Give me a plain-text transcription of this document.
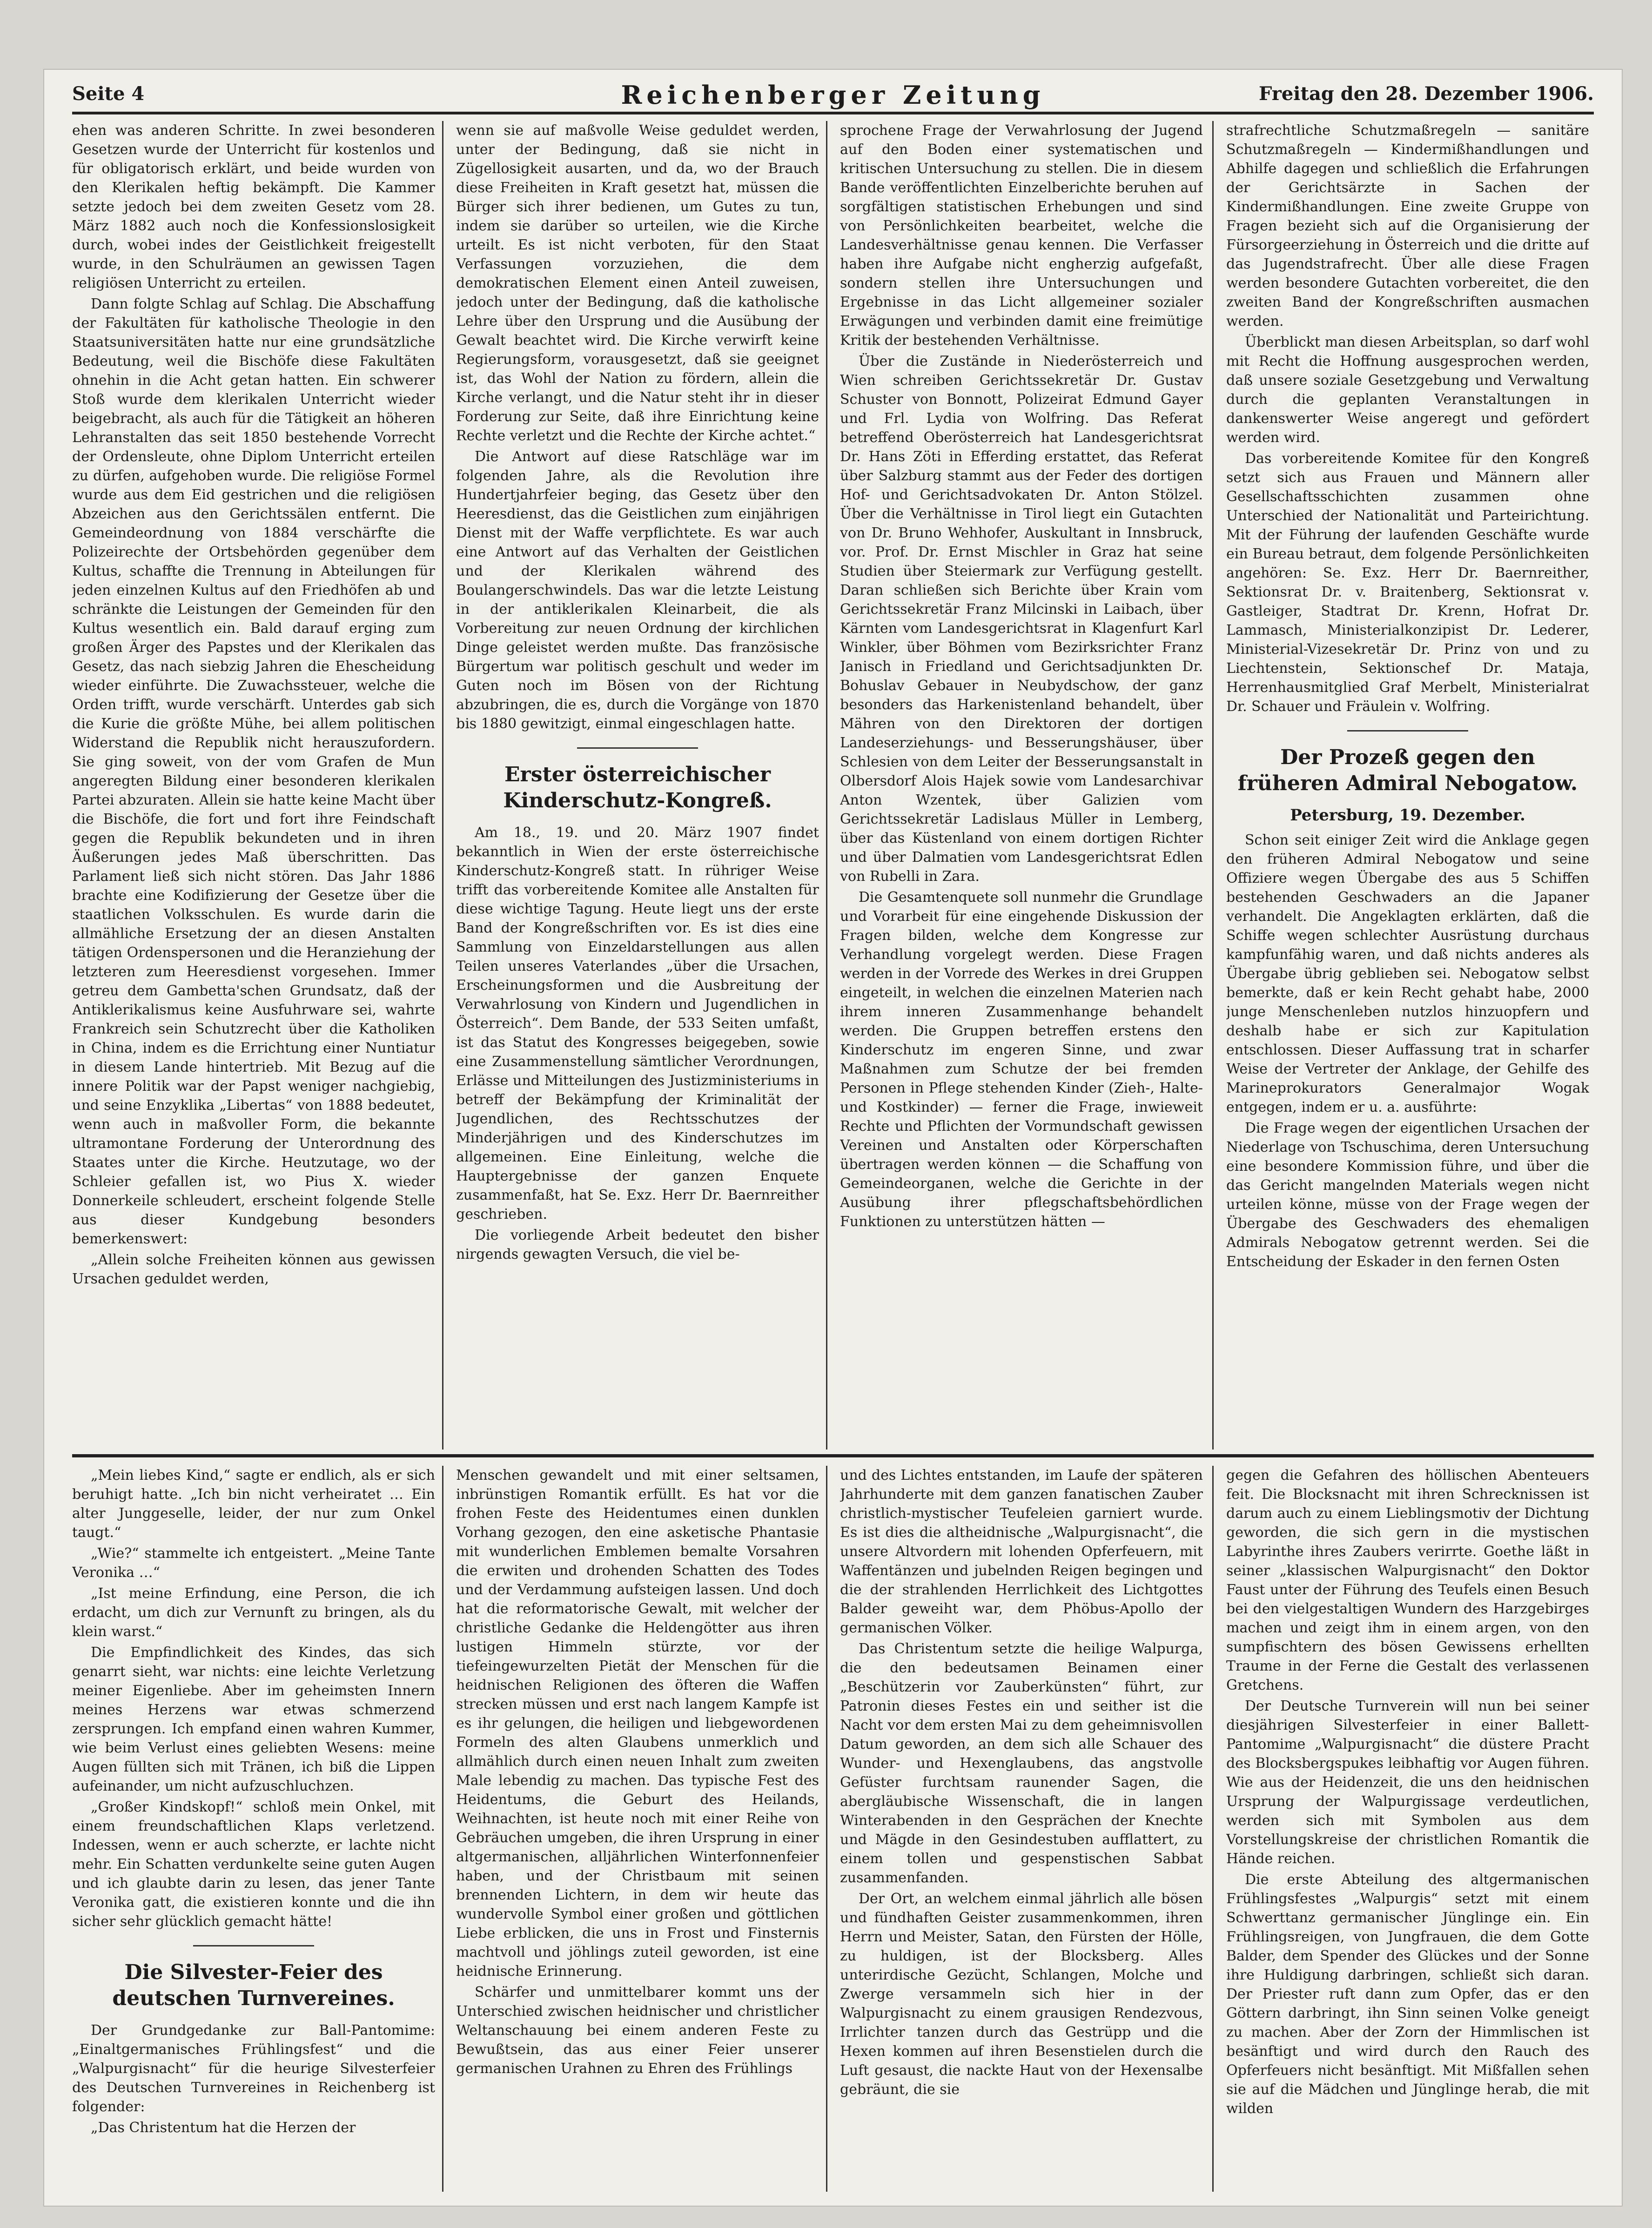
Seite 4	Reichenberger Zeitung	Freitag den 28. Dezember 1906.

ehen was anderen Schritte. In zwei besonderen Gesetzen wurde der Unterricht für kostenlos und für obligatorisch erklärt, und beide wurden von den Klerikalen heftig bekämpft. Die Kammer setzte jedoch bei dem zweiten Gesetz vom 28. März 1882 auch noch die Konfessionslosigkeit durch, wobei indes der Geistlichkeit freigestellt wurde, in den Schulräumen an gewissen Tagen religiösen Unterricht zu erteilen.

Dann folgte Schlag auf Schlag. Die Abschaffung der Fakultäten für katholische Theologie in den Staatsuniversitäten hatte nur eine grundsätzliche Bedeutung, weil die Bischöfe diese Fakultäten ohnehin in die Acht getan hatten. Ein schwerer Stoß wurde dem klerikalen Unterricht wieder beigebracht, als auch für die Tätigkeit an höheren Lehranstalten das seit 1850 bestehende Vorrecht der Ordensleute, ohne Diplom Unterricht erteilen zu dürfen, aufgehoben wurde. Die religiöse Formel wurde aus dem Eid gestrichen und die religiösen Abzeichen aus den Gerichtssälen entfernt. Die Gemeindeordnung von 1884 verschärfte die Polizeirechte der Ortsbehörden gegenüber dem Kultus, schaffte die Trennung in Abteilungen für jeden einzelnen Kultus auf den Friedhöfen ab und schränkte die Leistungen der Gemeinden für den Kultus wesentlich ein. Bald darauf erging zum großen Ärger des Papstes und der Klerikalen das Gesetz, das nach siebzig Jahren die Ehescheidung wieder einführte. Die Zuwachssteuer, welche die Orden trifft, wurde verschärft. Unterdes gab sich die Kurie die größte Mühe, bei allem politischen Widerstand die Republik nicht herauszufordern. Sie ging soweit, von der vom Grafen de Mun angeregten Bildung einer besonderen klerikalen Partei abzuraten. Allein sie hatte keine Macht über die Bischöfe, die fort und fort ihre Feindschaft gegen die Republik bekundeten und in ihren Äußerungen jedes Maß überschritten. Das Parlament ließ sich nicht stören. Das Jahr 1886 brachte eine Kodifizierung der Gesetze über die staatlichen Volksschulen. Es wurde darin die allmähliche Ersetzung der an diesen Anstalten tätigen Ordenspersonen und die Heranziehung der letzteren zum Heeresdienst vorgesehen. Immer getreu dem Gambetta'schen Grundsatz, daß der Antiklerikalismus keine Ausfuhrware sei, wahrte Frankreich sein Schutzrecht über die Katholiken in China, indem es die Errichtung einer Nuntiatur in diesem Lande hintertrieb. Mit Bezug auf die innere Politik war der Papst weniger nachgiebig, und seine Enzyklika „Libertas“ von 1888 bedeutet, wenn auch in maßvoller Form, die bekannte ultramontane Forderung der Unterordnung des Staates unter die Kirche. Heutzutage, wo der Schleier gefallen ist, wo Pius X. wieder Donnerkeile schleudert, erscheint folgende Stelle aus dieser Kundgebung besonders bemerkenswert:

„Allein solche Freiheiten können aus gewissen Ursachen geduldet werden,

wenn sie auf maßvolle Weise geduldet werden, unter der Bedingung, daß sie nicht in Zügellosigkeit ausarten, und da, wo der Brauch diese Freiheiten in Kraft gesetzt hat, müssen die Bürger sich ihrer bedienen, um Gutes zu tun, indem sie darüber so urteilen, wie die Kirche urteilt. Es ist nicht verboten, für den Staat Verfassungen vorzuziehen, die dem demokratischen Element einen Anteil zuweisen, jedoch unter der Bedingung, daß die katholische Lehre über den Ursprung und die Ausübung der Gewalt beachtet wird. Die Kirche verwirft keine Regierungsform, vorausgesetzt, daß sie geeignet ist, das Wohl der Nation zu fördern, allein die Kirche verlangt, und die Natur steht ihr in dieser Forderung zur Seite, daß ihre Einrichtung keine Rechte verletzt und die Rechte der Kirche achtet.“

Die Antwort auf diese Ratschläge war im folgenden Jahre, als die Revolution ihre Hundertjahrfeier beging, das Gesetz über den Heeresdienst, das die Geistlichen zum einjährigen Dienst mit der Waffe verpflichtete. Es war auch eine Antwort auf das Verhalten der Geistlichen und der Klerikalen während des Boulangerschwindels. Das war die letzte Leistung in der antiklerikalen Kleinarbeit, die als Vorbereitung zur neuen Ordnung der kirchlichen Dinge geleistet werden mußte. Das französische Bürgertum war politisch geschult und weder im Guten noch im Bösen von der Richtung abzubringen, die es, durch die Vorgänge von 1870 bis 1880 gewitzigt, einmal eingeschlagen hatte.

Erster österreichischer Kinderschutz-Kongreß.

Am 18., 19. und 20. März 1907 findet bekanntlich in Wien der erste österreichische Kinderschutz-Kongreß statt. In rühriger Weise trifft das vorbereitende Komitee alle Anstalten für diese wichtige Tagung. Heute liegt uns der erste Band der Kongreßschriften vor. Es ist dies eine Sammlung von Einzeldarstellungen aus allen Teilen unseres Vaterlandes „über die Ursachen, Erscheinungsformen und die Ausbreitung der Verwahrlosung von Kindern und Jugendlichen in Österreich“. Dem Bande, der 533 Seiten umfaßt, ist das Statut des Kongresses beigegeben, sowie eine Zusammenstellung sämtlicher Verordnungen, Erlässe und Mitteilungen des Justizministeriums in betreff der Bekämpfung der Kriminalität der Jugendlichen, des Rechtsschutzes der Minderjährigen und des Kinderschutzes im allgemeinen. Eine Einleitung, welche die Hauptergebnisse der ganzen Enquete zusammenfaßt, hat Se. Exz. Herr Dr. Baernreither geschrieben.

Die vorliegende Arbeit bedeutet den bisher nirgends gewagten Versuch, die viel be-

sprochene Frage der Verwahrlosung der Jugend auf den Boden einer systematischen und kritischen Untersuchung zu stellen. Die in diesem Bande veröffentlichten Einzelberichte beruhen auf sorgfältigen statistischen Erhebungen und sind von Persönlichkeiten bearbeitet, welche die Landesverhältnisse genau kennen. Die Verfasser haben ihre Aufgabe nicht engherzig aufgefaßt, sondern stellen ihre Untersuchungen und Ergebnisse in das Licht allgemeiner sozialer Erwägungen und verbinden damit eine freimütige Kritik der bestehenden Verhältnisse.

Über die Zustände in Niederösterreich und Wien schreiben Gerichtssekretär Dr. Gustav Schuster von Bonnott, Polizeirat Edmund Gayer und Frl. Lydia von Wolfring. Das Referat betreffend Oberösterreich hat Landesgerichtsrat Dr. Hans Zöti in Efferding erstattet, das Referat über Salzburg stammt aus der Feder des dortigen Hof- und Gerichtsadvokaten Dr. Anton Stölzel. Über die Verhältnisse in Tirol liegt ein Gutachten von Dr. Bruno Wehhofer, Auskultant in Innsbruck, vor. Prof. Dr. Ernst Mischler in Graz hat seine Studien über Steiermark zur Verfügung gestellt. Daran schließen sich Berichte über Krain vom Gerichtssekretär Franz Milcinski in Laibach, über Kärnten vom Landesgerichtsrat in Klagenfurt Karl Winkler, über Böhmen vom Bezirksrichter Franz Janisch in Friedland und Gerichtsadjunkten Dr. Bohuslav Gebauer in Neubydschow, der ganz besonders das Harkenistenland behandelt, über Mähren von den Direktoren der dortigen Landeserziehungs- und Besserungshäuser, über Schlesien von dem Leiter der Besserungsanstalt in Olbersdorf Alois Hajek sowie vom Landesarchivar Anton Wzentek, über Galizien vom Gerichtssekretär Ladislaus Müller in Lemberg, über das Küstenland von einem dortigen Richter und über Dalmatien vom Landesgerichtsrat Edlen von Rubelli in Zara.

Die Gesamtenquete soll nunmehr die Grundlage und Vorarbeit für eine eingehende Diskussion der Fragen bilden, welche dem Kongresse zur Verhandlung vorgelegt werden. Diese Fragen werden in der Vorrede des Werkes in drei Gruppen eingeteilt, in welchen die einzelnen Materien nach ihrem inneren Zusammenhange behandelt werden. Die Gruppen betreffen erstens den Kinderschutz im engeren Sinne, und zwar Maßnahmen zum Schutze der bei fremden Personen in Pflege stehenden Kinder (Zieh-, Halte- und Kostkinder) — ferner die Frage, inwieweit Rechte und Pflichten der Vormundschaft gewissen Vereinen und Anstalten oder Körperschaften übertragen werden können — die Schaffung von Gemeindeorganen, welche die Gerichte in der Ausübung ihrer pflegschaftsbehördlichen Funktionen zu unterstützen hätten —

strafrechtliche Schutzmaßregeln — sanitäre Schutzmaßregeln — Kindermißhandlungen und Abhilfe dagegen und schließlich die Erfahrungen der Gerichtsärzte in Sachen der Kindermißhandlungen. Eine zweite Gruppe von Fragen bezieht sich auf die Organisierung der Fürsorgeerziehung in Österreich und die dritte auf das Jugendstrafrecht. Über alle diese Fragen werden besondere Gutachten vorbereitet, die den zweiten Band der Kongreßschriften ausmachen werden.

Überblickt man diesen Arbeitsplan, so darf wohl mit Recht die Hoffnung ausgesprochen werden, daß unsere soziale Gesetzgebung und Verwaltung durch die geplanten Veranstaltungen in dankenswerter Weise angeregt und gefördert werden wird.

Das vorbereitende Komitee für den Kongreß setzt sich aus Frauen und Männern aller Gesellschaftsschichten zusammen ohne Unterschied der Nationalität und Parteirichtung. Mit der Führung der laufenden Geschäfte wurde ein Bureau betraut, dem folgende Persönlichkeiten angehören: Se. Exz. Herr Dr. Baernreither, Sektionsrat Dr. v. Braitenberg, Sektionsrat v. Gastleiger, Stadtrat Dr. Krenn, Hofrat Dr. Lammasch, Ministerialkonzipist Dr. Lederer, Ministerial-Vizesekretär Dr. Prinz von und zu Liechtenstein, Sektionschef Dr. Mataja, Herrenhausmitglied Graf Merbelt, Ministerialrat Dr. Schauer und Fräulein v. Wolfring.

Der Prozeß gegen den früheren Admiral Nebogatow.
Petersburg, 19. Dezember.

Schon seit einiger Zeit wird die Anklage gegen den früheren Admiral Nebogatow und seine Offiziere wegen Übergabe des aus 5 Schiffen bestehenden Geschwaders an die Japaner verhandelt. Die Angeklagten erklärten, daß die Schiffe wegen schlechter Ausrüstung durchaus kampfunfähig waren, und daß nichts anderes als Übergabe übrig geblieben sei. Nebogatow selbst bemerkte, daß er kein Recht gehabt habe, 2000 junge Menschenleben nutzlos hinzuopfern und deshalb habe er sich zur Kapitulation entschlossen. Dieser Auffassung trat in scharfer Weise der Vertreter der Anklage, der Gehilfe des Marineprokurators Generalmajor Wogak entgegen, indem er u. a. ausführte:

Die Frage wegen der eigentlichen Ursachen der Niederlage von Tschuschima, deren Untersuchung eine besondere Kommission führe, und über die das Gericht mangelnden Materials wegen nicht urteilen könne, müsse von der Frage wegen der Übergabe des Geschwaders des ehemaligen Admirals Nebogatow getrennt werden. Sei die Entscheidung der Eskader in den fernen Osten

„Mein liebes Kind,“ sagte er endlich, als er sich beruhigt hatte. „Ich bin nicht verheiratet … Ein alter Junggeselle, leider, der nur zum Onkel taugt.“

„Wie?“ stammelte ich entgeistert. „Meine Tante Veronika …“

„Ist meine Erfindung, eine Person, die ich erdacht, um dich zur Vernunft zu bringen, als du klein warst.“

Die Empfindlichkeit des Kindes, das sich genarrt sieht, war nichts: eine leichte Verletzung meiner Eigenliebe. Aber im geheimsten Innern meines Herzens war etwas schmerzend zersprungen. Ich empfand einen wahren Kummer, wie beim Verlust eines geliebten Wesens: meine Augen füllten sich mit Tränen, ich biß die Lippen aufeinander, um nicht aufzuschluchzen.

„Großer Kindskopf!“ schloß mein Onkel, mit einem freundschaftlichen Klaps verletzend. Indessen, wenn er auch scherzte, er lachte nicht mehr. Ein Schatten verdunkelte seine guten Augen und ich glaubte darin zu lesen, das jener Tante Veronika gatt, die existieren konnte und die ihn sicher sehr glücklich gemacht hätte!

Die Silvester-Feier des deutschen Turnvereines.

Der Grundgedanke zur Ball-Pantomime: „Einaltgermanisches Frühlingsfest“ und die „Walpurgisnacht“ für die heurige Silvesterfeier des Deutschen Turnvereines in Reichenberg ist folgender:

„Das Christentum hat die Herzen der

Menschen gewandelt und mit einer seltsamen, inbrünstigen Romantik erfüllt. Es hat vor die frohen Feste des Heidentumes einen dunklen Vorhang gezogen, den eine asketische Phantasie mit wunderlichen Emblemen bemalte Vorsahren die erwiten und drohenden Schatten des Todes und der Verdammung aufsteigen lassen. Und doch hat die reformatorische Gewalt, mit welcher der christliche Gedanke die Heldengötter aus ihren lustigen Himmeln stürzte, vor der tiefeingewurzelten Pietät der Menschen für die heidnischen Religionen des öfteren die Waffen strecken müssen und erst nach langem Kampfe ist es ihr gelungen, die heiligen und liebgewordenen Formeln des alten Glaubens unmerklich und allmählich durch einen neuen Inhalt zum zweiten Male lebendig zu machen. Das typische Fest des Heidentums, die Geburt des Heilands, Weihnachten, ist heute noch mit einer Reihe von Gebräuchen umgeben, die ihren Ursprung in einer altgermanischen, alljährlichen Winterfonnenfeier haben, und der Christbaum mit seinen brennenden Lichtern, in dem wir heute das wundervolle Symbol einer großen und göttlichen Liebe erblicken, die uns in Frost und Finsternis machtvoll und jöhlings zuteil geworden, ist eine heidnische Erinnerung.

Schärfer und unmittelbarer kommt uns der Unterschied zwischen heidnischer und christlicher Weltanschauung bei einem anderen Feste zu Bewußtsein, das aus einer Feier unserer germanischen Urahnen zu Ehren des Frühlings

und des Lichtes entstanden, im Laufe der späteren Jahrhunderte mit dem ganzen fanatischen Zauber christlich-mystischer Teufeleien garniert wurde. Es ist dies die altheidnische „Walpurgisnacht“, die unsere Altvordern mit lohenden Opferfeuern, mit Waffentänzen und jubelnden Reigen begingen und die der strahlenden Herrlichkeit des Lichtgottes Balder geweiht war, dem Phöbus-Apollo der germanischen Völker.

Das Christentum setzte die heilige Walpurga, die den bedeutsamen Beinamen einer „Beschützerin vor Zauberkünsten“ führt, zur Patronin dieses Festes ein und seither ist die Nacht vor dem ersten Mai zu dem geheimnisvollen Datum geworden, an dem sich alle Schauer des Wunder- und Hexenglaubens, das angstvolle Gefüster furchtsam raunender Sagen, die abergläubische Wissenschaft, die in langen Winterabenden in den Gesprächen der Knechte und Mägde in den Gesindestuben aufflattert, zu einem tollen und gespenstischen Sabbat zusammenfanden.

Der Ort, an welchem einmal jährlich alle bösen und fündhaften Geister zusammenkommen, ihren Herrn und Meister, Satan, den Fürsten der Hölle, zu huldigen, ist der Blocksberg. Alles unterirdische Gezücht, Schlangen, Molche und Zwerge versammeln sich hier in der Walpurgisnacht zu einem grausigen Rendezvous, Irrlichter tanzen durch das Gestrüpp und die Hexen kommen auf ihren Besenstielen durch die Luft gesaust, die nackte Haut von der Hexensalbe gebräunt, die sie

gegen die Gefahren des höllischen Abenteuers feit. Die Blocksnacht mit ihren Schrecknissen ist darum auch zu einem Lieblingsmotiv der Dichtung geworden, die sich gern in die mystischen Labyrinthe ihres Zaubers verirrte. Goethe läßt in seiner „klassischen Walpurgisnacht“ den Doktor Faust unter der Führung des Teufels einen Besuch bei den vielgestaltigen Wundern des Harzgebirges machen und zeigt ihm in einem argen, von den sumpfischtern des bösen Gewissens erhellten Traume in der Ferne die Gestalt des verlassenen Gretchens.

Der Deutsche Turnverein will nun bei seiner diesjährigen Silvesterfeier in einer Ballett-Pantomime „Walpurgisnacht“ die düstere Pracht des Blocksbergspukes leibhaftig vor Augen führen. Wie aus der Heidenzeit, die uns den heidnischen Ursprung der Walpurgissage verdeutlichen, werden sich mit Symbolen aus dem Vorstellungskreise der christlichen Romantik die Hände reichen.

Die erste Abteilung des altgermanischen Frühlingsfestes „Walpurgis“ setzt mit einem Schwerttanz germanischer Jünglinge ein. Ein Frühlingsreigen, von Jungfrauen, die dem Gotte Balder, dem Spender des Glückes und der Sonne ihre Huldigung darbringen, schließt sich daran. Der Priester ruft dann zum Opfer, das er den Göttern darbringt, ihn Sinn seinen Volke geneigt zu machen. Aber der Zorn der Himmlischen ist besänftigt und wird durch den Rauch des Opferfeuers nicht besänftigt. Mit Mißfallen sehen sie auf die Mädchen und Jünglinge herab, die mit wilden
